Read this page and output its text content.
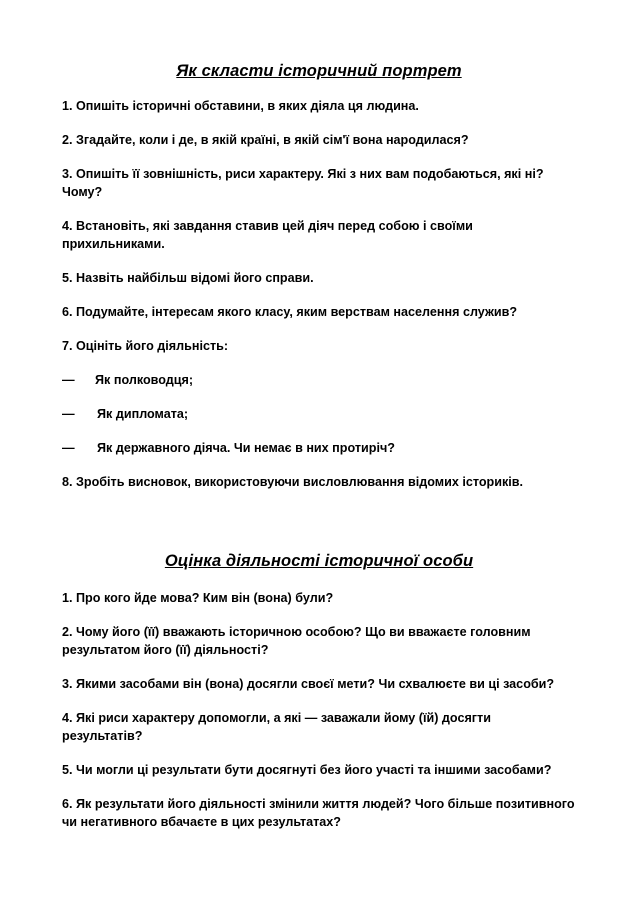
Як скласти історичний портрет
1. Опишіть історичні обставини, в яких діяла ця людина.
2. Згадайте, коли і де, в якій країні, в якій сім'ї вона народилася?
3. Опишіть її зовнішність, риси характеру. Які з них вам подобаються, які ні?
Чому?
4. Встановіть, які завдання ставив цей діяч перед собою і своїми
прихильниками.
5. Назвіть найбільш відомі його справи.
6. Подумайте, інтересам якого класу, яким верствам населення служив?
7. Оцініть його діяльність:
— Як полководця;
— Як дипломата;
— Як державного діяча. Чи немає в них протиріч?
8. Зробіть висновок, використовуючи висловлювання відомих істориків.
Оцінка діяльності історичної особи
1. Про кого йде мова? Ким він (вона) були?
2. Чому його (її) вважають історичною особою? Що ви вважаєте головним
результатом його (її) діяльності?
3. Якими засобами він (вона) досягли своєї мети? Чи схвалюєте ви ці засоби?
4. Які риси характеру допомогли, а які — заважали йому (їй) досягти
результатів?
5. Чи могли ці результати бути досягнуті без його участі та іншими засобами?
6. Як результати його діяльності змінили життя людей? Чого більше позитивного
чи негативного вбачаєте в цих результатах?
